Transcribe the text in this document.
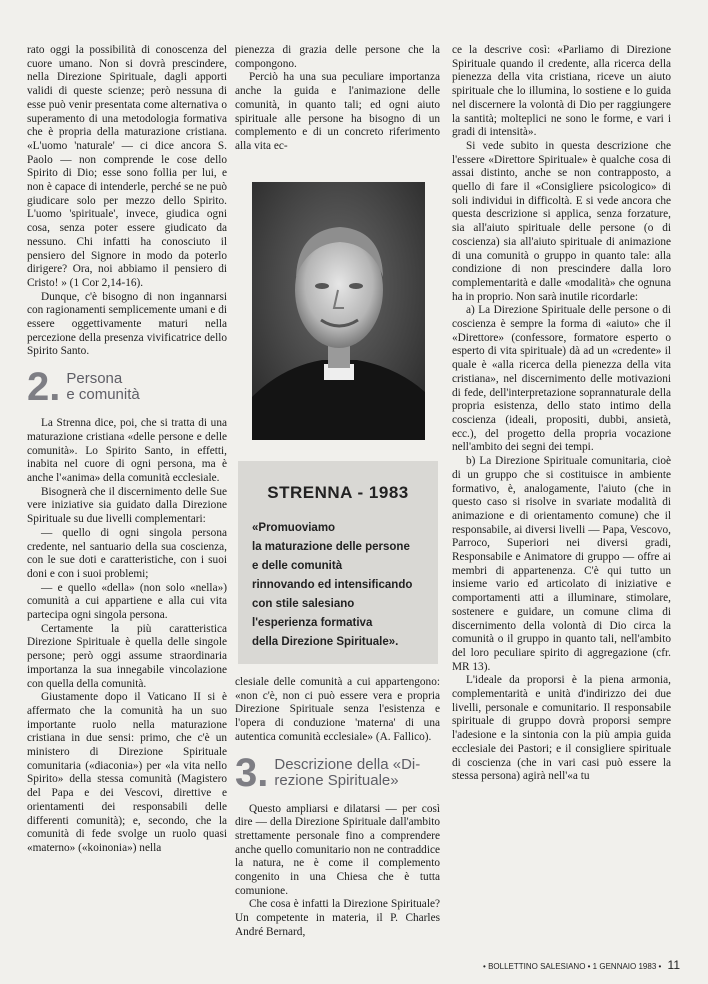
rato oggi la possibilità di conoscenza del cuore umano. Non si dovrà prescindere, nella Direzione Spirituale, dagli apporti validi di queste scienze; però nessuna di esse può venir presentata come alternativa o superamento di una metodologia formativa che è propria della maturazione cristiana. «L'uomo 'naturale' — ci dice ancora S. Paolo — non comprende le cose dello Spirito di Dio; esse sono follia per lui, e non è capace di intenderle, perché se ne può giudicare solo per mezzo dello Spirito. L'uomo 'spirituale', invece, giudica ogni cosa, senza poter essere giudicato da nessuno. Chi infatti ha conosciuto il pensiero del Signore in modo da poterlo dirigere? Ora, noi abbiamo il pensiero di Cristo! » (1 Cor 2,14-16).

Dunque, c'è bisogno di non ingannarsi con ragionamenti semplicemente umani e di essere oggettivamente maturi nella percezione della presenza vivificatrice dello Spirito Santo.

2. Persona
e comunità

La Strenna dice, poi, che si tratta di una maturazione cristiana «delle persone e delle comunità». Lo Spirito Santo, in effetti, inabita nel cuore di ogni persona, ma è anche l'«anima» della comunità ecclesiale.

Bisognerà che il discernimento delle Sue vere iniziative sia guidato dalla Direzione Spirituale su due livelli complementari:

— quello di ogni singola persona credente, nel santuario della sua coscienza, con le sue doti e caratteristiche, con i suoi doni e con i suoi problemi;

— e quello «della» (non solo «nella») comunità a cui appartiene e alla cui vita partecipa ogni singola persona.

Certamente la più caratteristica Direzione Spirituale è quella delle singole persone; però oggi assume straordinaria importanza la sua innegabile vincolazione con quella della comunità.

Giustamente dopo il Vaticano II si è affermato che la comunità ha un suo importante ruolo nella maturazione cristiana in due sensi: primo, che c'è un ministero di Direzione Spirituale comunitaria («diaconia») per «la vita nello Spirito» della stessa comunità (Magistero del Papa e dei Vescovi, direttive e orientamenti dei responsabili delle differenti comunità); e, secondo, che la comunità di fede svolge un ruolo quasi «materno» («koinonia») nella

pienezza di grazia delle persone che la compongono.

Perciò ha una sua peculiare importanza anche la guida e l'animazione delle comunità, in quanto tali; ed ogni aiuto spirituale alle persone ha bisogno di un complemento e di un concreto riferimento alla vita ec-

STRENNA - 1983
«Promuoviamo
la maturazione delle persone
e delle comunità
rinnovando ed intensificando
con stile salesiano
l'esperienza formativa
della Direzione Spirituale».

clesiale delle comunità a cui appartengono: «non c'è, non ci può essere vera e propria Direzione Spirituale senza l'esistenza e l'opera di conduzione 'materna' di una autentica comunità ecclesiale» (A. Fallico).

3. Descrizione della «Di-
rezione Spirituale»

Questo ampliarsi e dilatarsi — per così dire — della Direzione Spirituale dall'ambito strettamente personale fino a comprendere anche quello comunitario non ne contraddice la natura, ne è come il complemento congenito in una Chiesa che è tutta comunione.

Che cosa è infatti la Direzione Spirituale? Un competente in materia, il P. Charles André Bernard,

ce la descrive così: «Parliamo di Direzione Spirituale quando il credente, alla ricerca della pienezza della vita cristiana, riceve un aiuto spirituale che lo illumina, lo sostiene e lo guida nel discernere la volontà di Dio per raggiungere la santità; molteplici ne sono le forme, e vari i gradi di intensità».

Si vede subito in questa descrizione che l'essere «Direttore Spirituale» è qualche cosa di assai distinto, anche se non contrapposto, a quello di fare il «Consigliere psicologico» di soli individui in difficoltà. E si vede ancora che questa descrizione si applica, senza forzature, sia all'aiuto spirituale delle persone (o di coscienza) sia all'aiuto spirituale di animazione di una comunità o gruppo in quanto tale: alla condizione di non prescindere dalla loro complementarità e dalle «modalità» che ognuna ha in proprio. Non sarà inutile ricordarle:

a) La Direzione Spirituale delle persone o di coscienza è sempre la forma di «aiuto» che il «Direttore» (confessore, formatore esperto o esperto di vita spirituale) dà ad un «credente» il quale è «alla ricerca della pienezza della vita cristiana», nel discernimento delle motivazioni di fede, dell'interpretazione soprannaturale della propria esistenza, dello stato intimo della coscienza (ideali, propositi, dubbi, ansietà, ecc.), del progetto della propria vocazione nell'ambito dei segni dei tempi.

b) La Direzione Spirituale comunitaria, cioè di un gruppo che si costituisce in ambiente formativo, è, analogamente, l'aiuto (che in questo caso si risolve in svariate modalità di animazione e di orientamento comune) che il responsabile, ai diversi livelli — Papa, Vescovo, Parroco, Superiori nei diversi gradi, Responsabile e Animatore di gruppo — offre ai membri di appartenenza. C'è qui tutto un insieme vario ed articolato di iniziative e comportamenti atti a illuminare, stimolare, sostenere e guidare, un comune clima di discernimento della volontà di Dio circa la comunità o il gruppo in quanto tali, nell'ambito del loro peculiare spirito di aggregazione (cfr. MR 13).

L'ideale da proporsi è la piena armonia, complementarità e unità d'indirizzo dei due livelli, personale e comunitario. Il responsabile spirituale di gruppo dovrà proporsi sempre l'adesione e la sintonia con la più ampia guida ecclesiale dei Pastori; e il consigliere spirituale di coscienza (che in vari casi può essere la stessa persona) agirà nell'«a tu

• BOLLETTINO SALESIANO • 1 GENNAIO 1983 • 11
